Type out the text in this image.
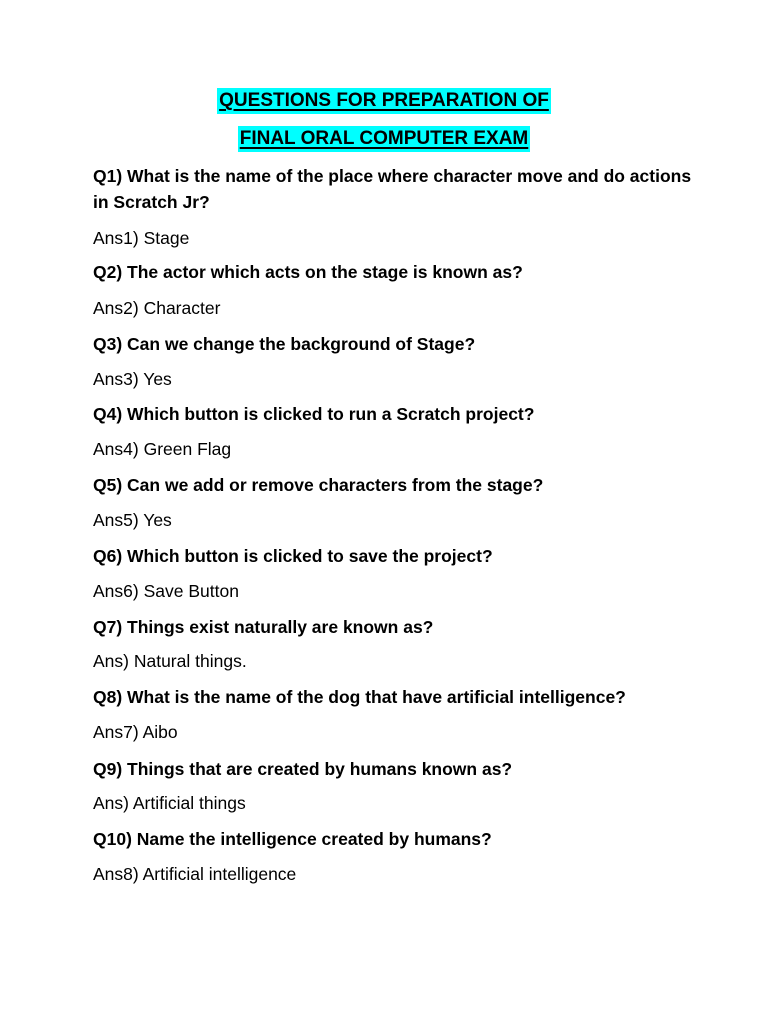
QUESTIONS FOR PREPARATION OF
FINAL ORAL COMPUTER EXAM

Q1) What is the name of the place where character move and do actions in Scratch Jr?

Ans1) Stage

Q2) The actor which acts on the stage is known as?

Ans2) Character

Q3) Can we change the background of Stage?

Ans3) Yes

Q4) Which button is clicked to run a Scratch project?

Ans4) Green Flag

Q5) Can we add or remove characters from the stage?

Ans5) Yes

Q6) Which button is clicked to save the project?

Ans6) Save Button

Q7) Things exist naturally are known as?

Ans) Natural things.

Q8) What is the name of the dog that have artificial intelligence?

Ans7) Aibo

Q9) Things that are created by humans known as?

Ans) Artificial things

Q10) Name the intelligence created by humans?

Ans8) Artificial intelligence
